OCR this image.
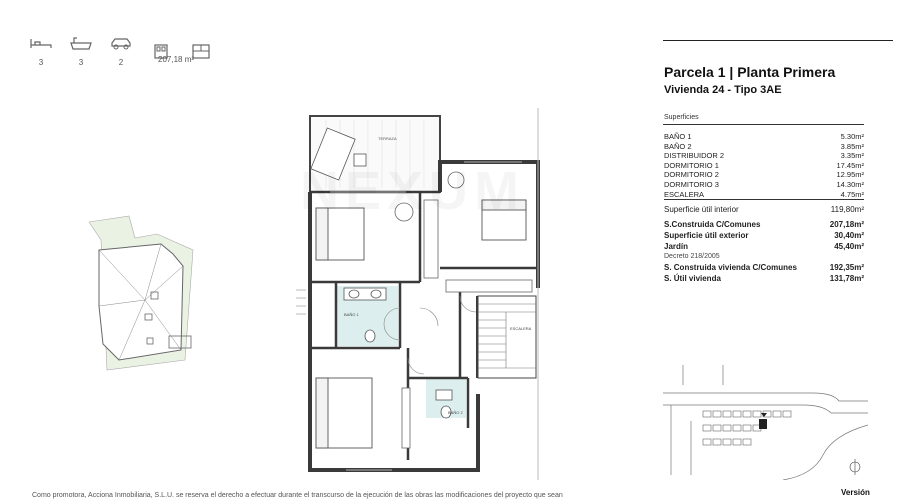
3	3	2	207,18 m²
TERRAZA
BAÑO 1
BAÑO 2
ESCALERA
Parcela 1 | Planta Primera
Vivienda 24 - Tipo 3AE
Superficies
BAÑO 1	5.30m²
BAÑO 2	3.85m²
DISTRIBUIDOR 2	3.35m²
DORMITORIO 1	17.45m²
DORMITORIO 2	12.95m²
DORMITORIO 3	14.30m²
ESCALERA	4.75m²
Superficie útil interior	119,80m²
S.Construida C/Comunes	207,18m²
Superficie útil exterior	30,40m²
Jardín	45,40m²
Decreto 218/2005
S. Construida vivienda C/Comunes	192,35m²
S. Útil vivienda	131,78m²
Versión
Como promotora, Acciona Inmobiliaria, S.L.U. se reserva el derecho a efectuar durante el transcurso de la ejecución de las obras las modificaciones del proyecto que sean
